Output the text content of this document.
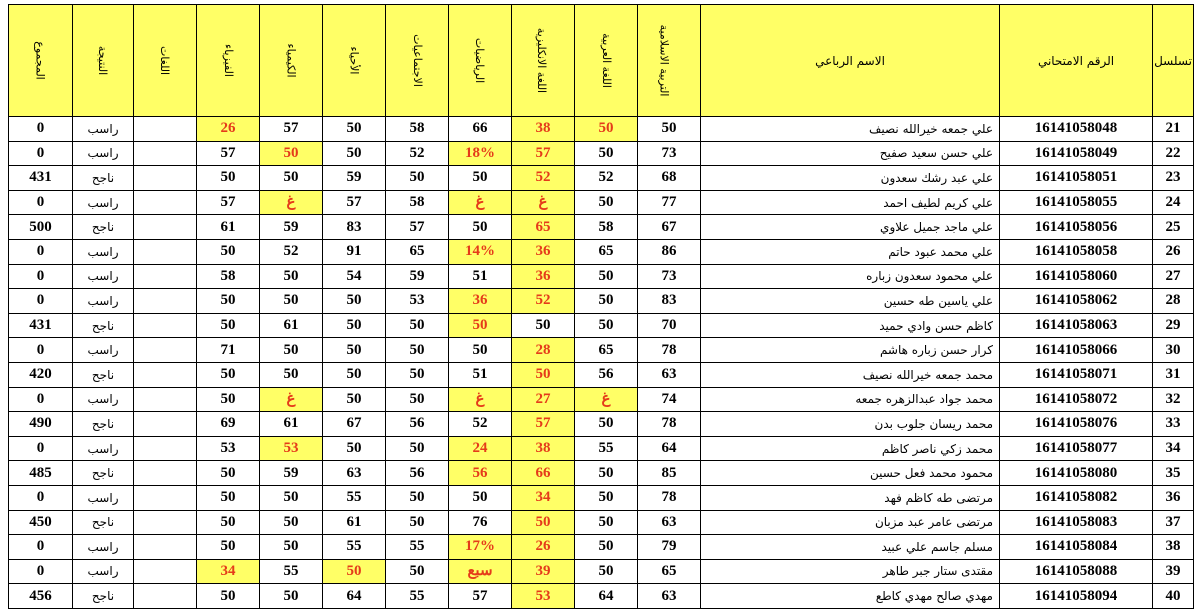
تسلسل	الرقم الامتحاني	الاسم الرباعي	التربية الاسلامية	اللغة العربية	اللغة الانكليزية	الرياضيات	الاجتماعيات	الأحياء	الكيمياء	الفيزياء	اللغات	النتيجة	المجموع
21	16141058048	علي جمعه خيرالله نصيف	50	50	38	66	58	50	57	26		راسب	0
22	16141058049	علي حسن سعيد صفيح	73	50	57	18%	52	50	50	57		راسب	0
23	16141058051	علي عبد رشك سعدون	68	52	52	50	50	59	50	50		ناجح	431
24	16141058055	علي كريم لطيف احمد	77	50	غ	غ	58	57	غ	57		راسب	0
25	16141058056	علي ماجد جميل علاوي	67	58	65	50	57	83	59	61		ناجح	500
26	16141058058	علي محمد عبود حاتم	86	65	36	14%	65	91	52	50		راسب	0
27	16141058060	علي محمود سعدون زباره	73	50	36	51	59	54	50	58		راسب	0
28	16141058062	علي ياسين طه حسين	83	50	52	36	53	50	50	50		راسب	0
29	16141058063	كاظم حسن وادي حميد	70	50	50	50	50	50	61	50		ناجح	431
30	16141058066	كرار حسن زباره هاشم	78	65	28	50	50	50	50	71		راسب	0
31	16141058071	محمد جمعه خيرالله نصيف	63	56	50	51	50	50	50	50		ناجح	420
32	16141058072	محمد جواد عبدالزهره جمعه	74	غ	27	غ	50	50	غ	50		راسب	0
33	16141058076	محمد ريسان جلوب بدن	78	50	57	52	56	67	61	69		ناجح	490
34	16141058077	محمد زكي ناصر كاظم	64	55	38	24	50	50	53	53		راسب	0
35	16141058080	محمود محمد فعل حسين	85	50	66	56	56	63	59	50		ناجح	485
36	16141058082	مرتضى طه كاظم فهد	78	50	34	50	50	55	50	50		راسب	0
37	16141058083	مرتضى عامر عبد مزبان	63	50	50	76	50	61	50	50		ناجح	450
38	16141058084	مسلم جاسم علي عبيد	79	50	26	17%	55	55	50	50		راسب	0
39	16141058088	مقتدى ستار جبر طاهر	65	50	39	سبع	50	50	55	34		راسب	0
40	16141058094	مهدي صالح مهدي كاطع	63	64	53	57	55	64	50	50		ناجح	456
